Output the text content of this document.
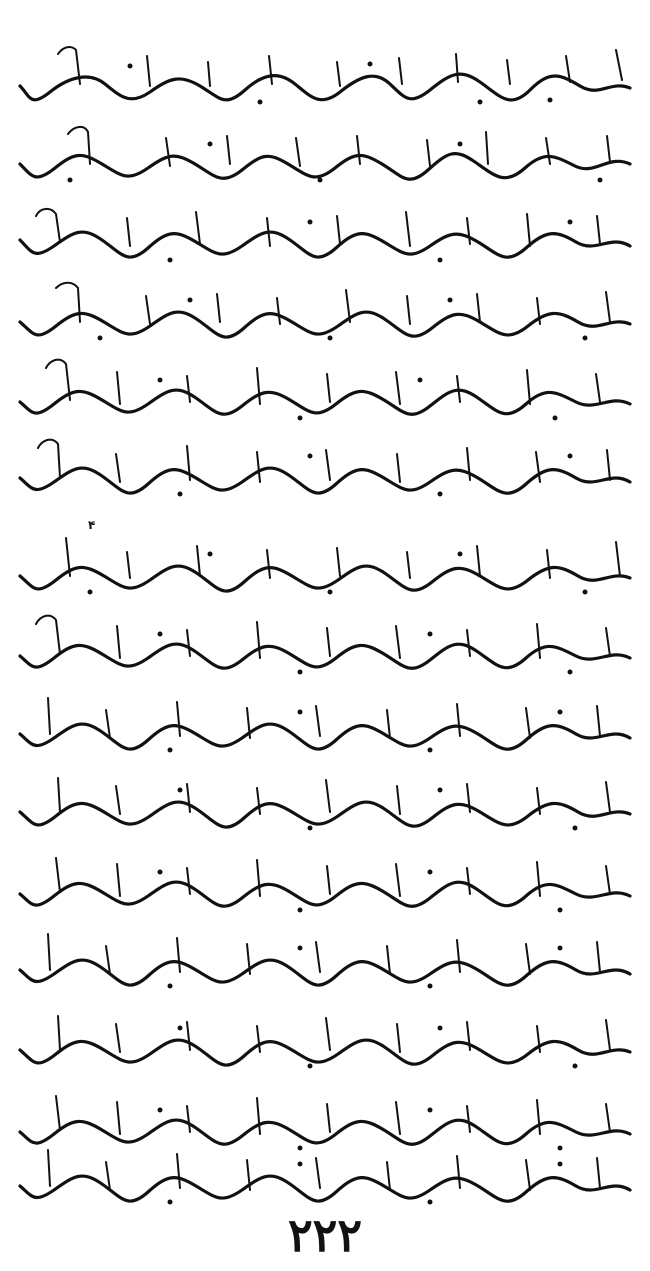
۴
۲۲۲
